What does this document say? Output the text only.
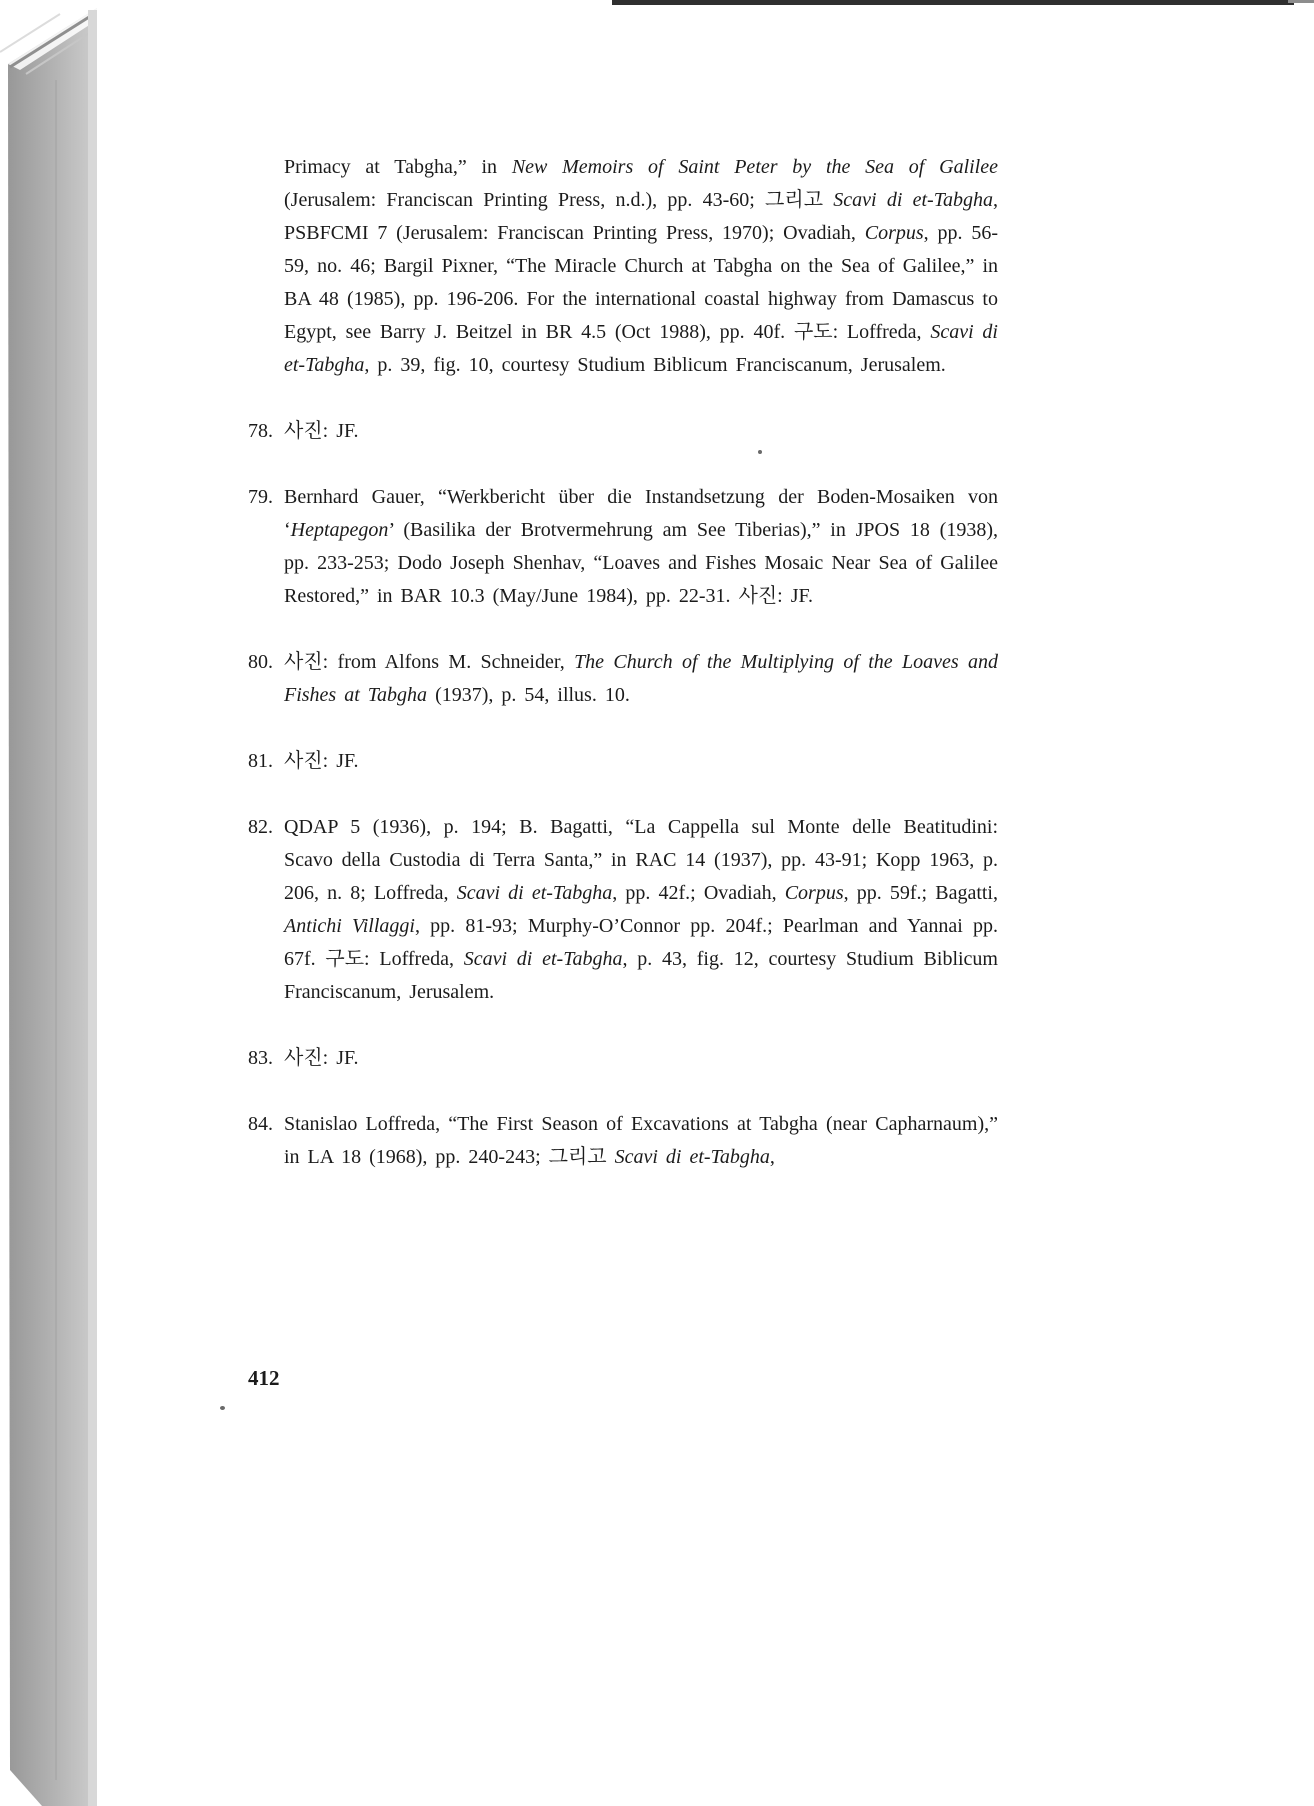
Primacy at Tabgha,” in New Memoirs of Saint Peter by the Sea of Galilee (Jerusalem: Franciscan Printing Press, n.d.), pp. 43-60; 그리고 Scavi di et-Tabgha, PSBFCMI 7 (Jerusalem: Franciscan Printing Press, 1970); Ovadiah, Corpus, pp. 56-59, no. 46; Bargil Pixner, “The Miracle Church at Tabgha on the Sea of Galilee,” in BA 48 (1985), pp. 196-206. For the international coastal highway from Damascus to Egypt, see Barry J. Beitzel in BR 4.5 (Oct 1988), pp. 40f. 구도: Loffreda, Scavi di et-Tabgha, p. 39, fig. 10, courtesy Studium Biblicum Franciscanum, Jerusalem.
78. 사진: JF.
79. Bernhard Gauer, “Werkbericht über die Instandsetzung der Boden-Mosaiken von ‘Heptapegon’ (Basilika der Brotvermehrung am See Tiberias),” in JPOS 18 (1938), pp. 233-253; Dodo Joseph Shenhav, “Loaves and Fishes Mosaic Near Sea of Galilee Restored,” in BAR 10.3 (May/June 1984), pp. 22-31. 사진: JF.
80. 사진: from Alfons M. Schneider, The Church of the Multiplying of the Loaves and Fishes at Tabgha (1937), p. 54, illus. 10.
81. 사진: JF.
82. QDAP 5 (1936), p. 194; B. Bagatti, “La Cappella sul Monte delle Beatitudini: Scavo della Custodia di Terra Santa,” in RAC 14 (1937), pp. 43-91; Kopp 1963, p. 206, n. 8; Loffreda, Scavi di et-Tabgha, pp. 42f.; Ovadiah, Corpus, pp. 59f.; Bagatti, Antichi Villaggi, pp. 81-93; Murphy-O’Connor pp. 204f.; Pearlman and Yannai pp. 67f. 구도: Loffreda, Scavi di et-Tabgha, p. 43, fig. 12, courtesy Studium Biblicum Franciscanum, Jerusalem.
83. 사진: JF.
84. Stanislao Loffreda, “The First Season of Excavations at Tabgha (near Capharnaum),” in LA 18 (1968), pp. 240-243; 그리고 Scavi di et-Tabgha,
412
